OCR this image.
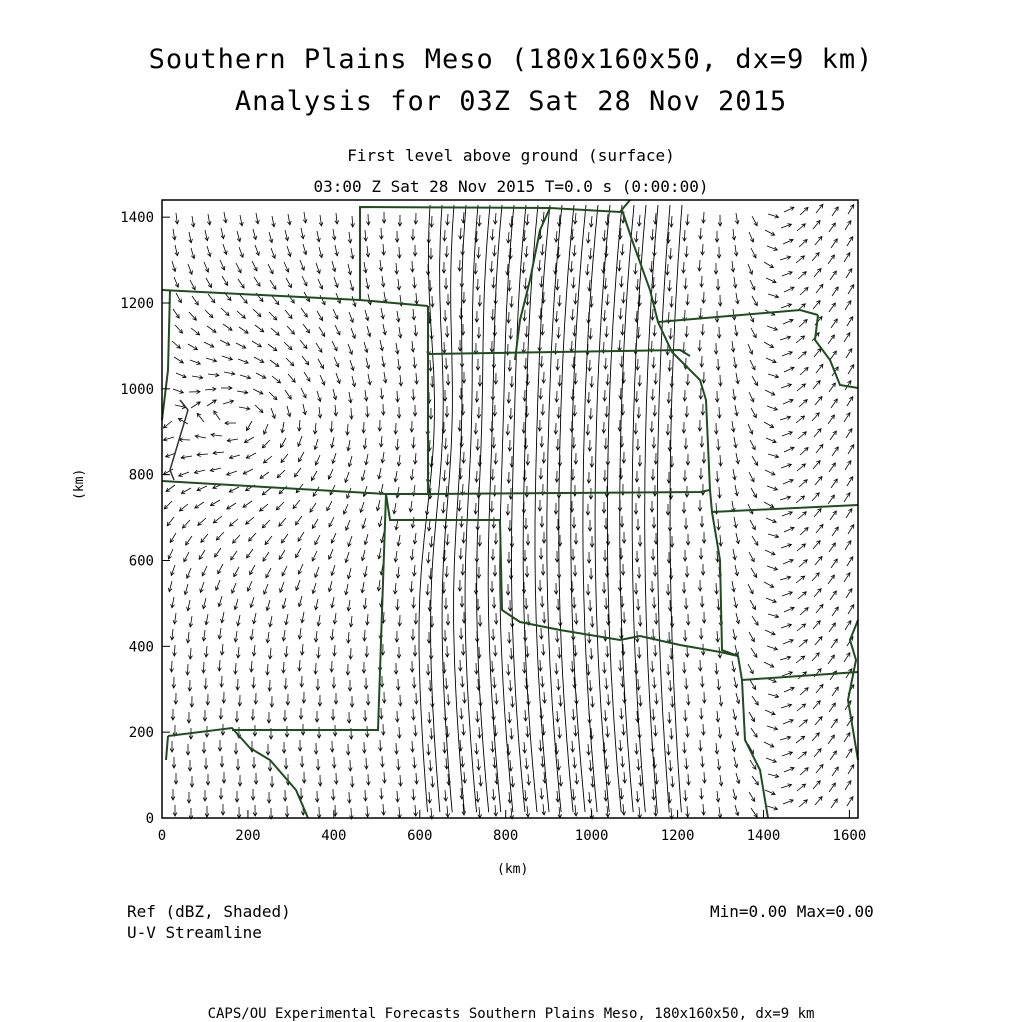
Southern Plains Meso (180x160x50, dx=9 km)
Analysis for 03Z Sat 28 Nov 2015
First level above ground (surface)
03:00 Z Sat 28 Nov 2015 T=0.0 s (0:00:00)
0	200	400	600	800	1000	1200	1400	1600
0
200
400
600
800
1000
1200
1400
(km)
(km)
Ref (dBZ, Shaded)
U-V Streamline
Min=0.00 Max=0.00
CAPS/OU Experimental Forecasts Southern Plains Meso, 180x160x50, dx=9 km
